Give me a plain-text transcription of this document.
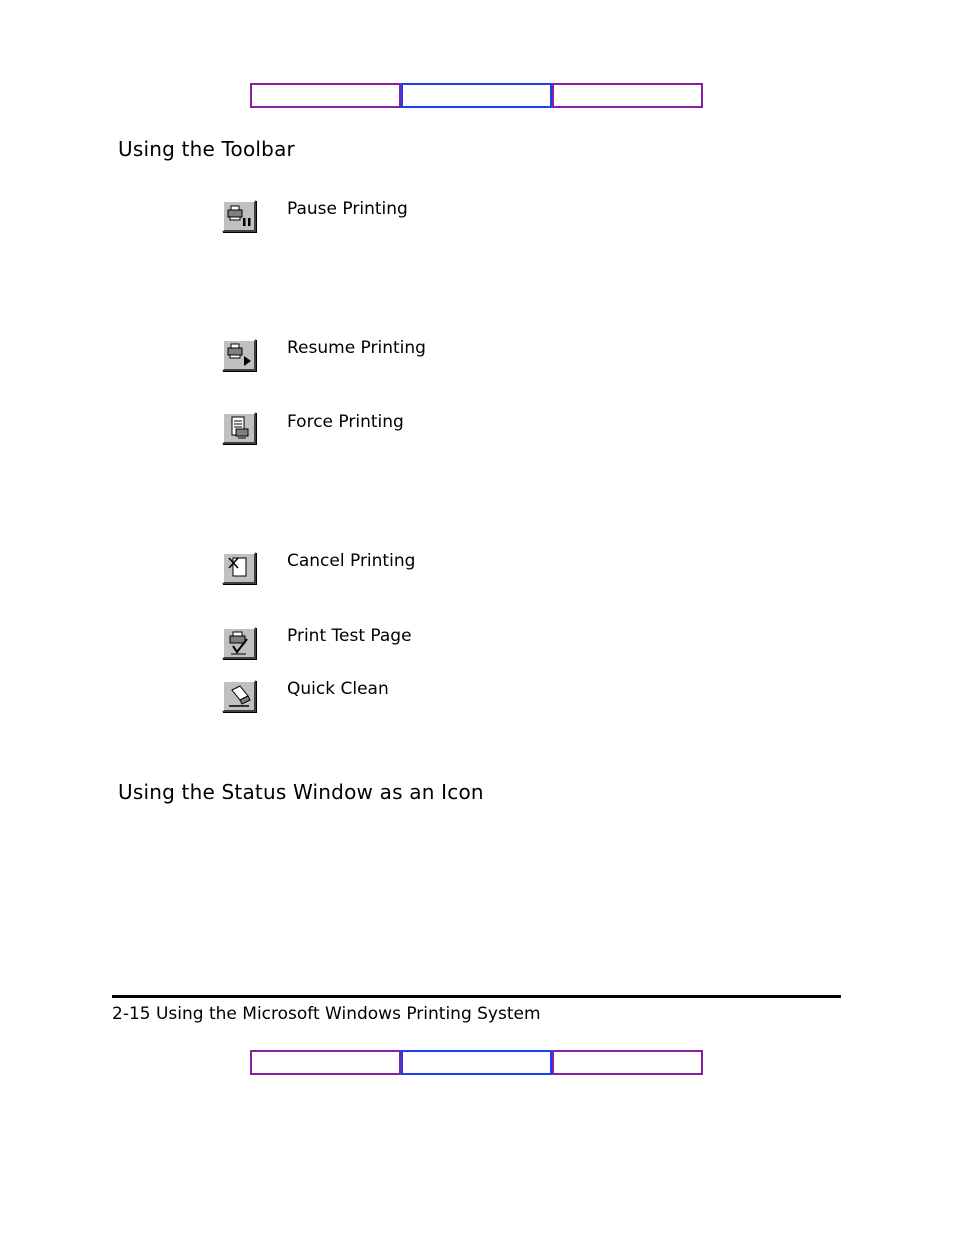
Using the Toolbar
Pause Printing
Resume Printing
Force Printing
Cancel Printing
Print Test Page
Quick Clean
Using the Status Window as an Icon
2-15 Using the Microsoft Windows Printing System
